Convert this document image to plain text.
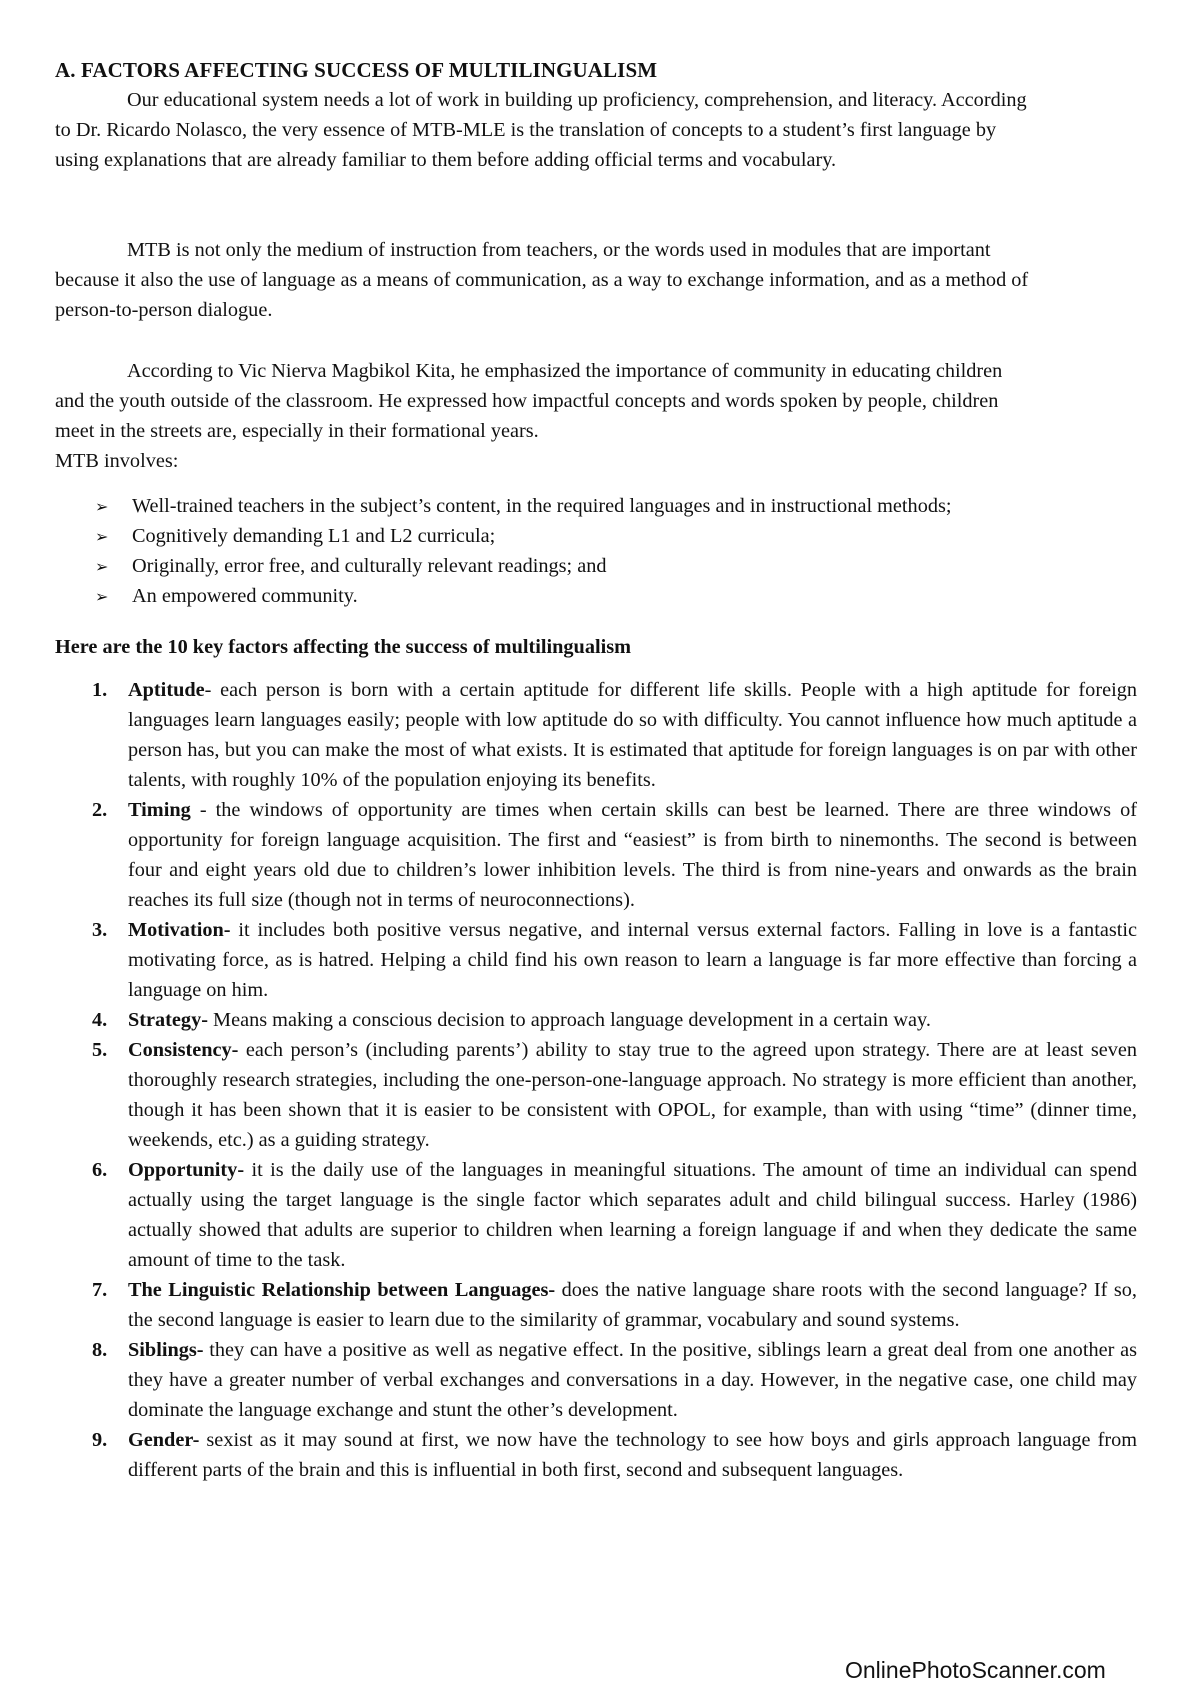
A. FACTORS AFFECTING SUCCESS OF MULTILINGUALISM
Our educational system needs a lot of work in building up proficiency, comprehension, and literacy. According to Dr. Ricardo Nolasco, the very essence of MTB-MLE is the translation of concepts to a student’s first language by using explanations that are already familiar to them before adding official terms and vocabulary.
MTB is not only the medium of instruction from teachers, or the words used in modules that are important because it also the use of language as a means of communication, as a way to exchange information, and as a method of person-to-person dialogue.
According to Vic Nierva Magbikol Kita, he emphasized the importance of community in educating children and the youth outside of the classroom. He expressed how impactful concepts and words spoken by people, children meet in the streets are, especially in their formational years.
MTB involves:
➢ Well-trained teachers in the subject’s content, in the required languages and in instructional methods;
➢ Cognitively demanding L1 and L2 curricula;
➢ Originally, error free, and culturally relevant readings; and
➢ An empowered community.
Here are the 10 key factors affecting the success of multilingualism
1. Aptitude- each person is born with a certain aptitude for different life skills. People with a high aptitude for foreign languages learn languages easily; people with low aptitude do so with difficulty. You cannot influence how much aptitude a person has, but you can make the most of what exists. It is estimated that aptitude for foreign languages is on par with other talents, with roughly 10% of the population enjoying its benefits.
2. Timing - the windows of opportunity are times when certain skills can best be learned. There are three windows of opportunity for foreign language acquisition. The first and “easiest” is from birth to ninemonths. The second is between four and eight years old due to children’s lower inhibition levels. The third is from nine-years and onwards as the brain reaches its full size (though not in terms of neuroconnections).
3. Motivation- it includes both positive versus negative, and internal versus external factors. Falling in love is a fantastic motivating force, as is hatred. Helping a child find his own reason to learn a language is far more effective than forcing a language on him.
4. Strategy- Means making a conscious decision to approach language development in a certain way.
5. Consistency- each person’s (including parents’) ability to stay true to the agreed upon strategy. There are at least seven thoroughly research strategies, including the one-person-one-language approach. No strategy is more efficient than another, though it has been shown that it is easier to be consistent with OPOL, for example, than with using “time” (dinner time, weekends, etc.) as a guiding strategy.
6. Opportunity- it is the daily use of the languages in meaningful situations. The amount of time an individual can spend actually using the target language is the single factor which separates adult and child bilingual success. Harley (1986) actually showed that adults are superior to children when learning a foreign language if and when they dedicate the same amount of time to the task.
7. The Linguistic Relationship between Languages- does the native language share roots with the second language? If so, the second language is easier to learn due to the similarity of grammar, vocabulary and sound systems.
8. Siblings- they can have a positive as well as negative effect. In the positive, siblings learn a great deal from one another as they have a greater number of verbal exchanges and conversations in a day. However, in the negative case, one child may dominate the language exchange and stunt the other’s development.
9. Gender- sexist as it may sound at first, we now have the technology to see how boys and girls approach language from different parts of the brain and this is influential in both first, second and subsequent languages.
OnlinePhotoScanner.com
